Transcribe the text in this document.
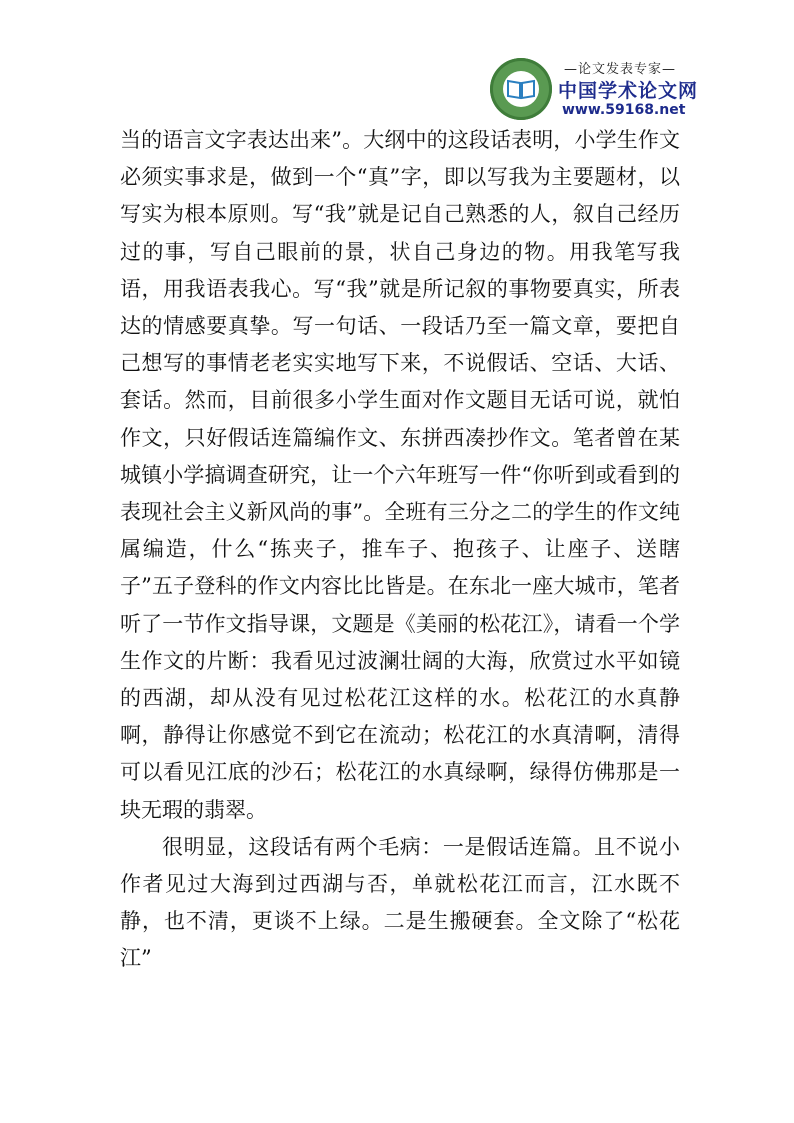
—论文发表专家—
中国学术论文网
www.59168.net

当的语言文字表达出来”。大纲中的这段话表明，小学生作文必须实事求是，做到一个“真”字，即以写我为主要题材，以写实为根本原则。写“我”就是记自己熟悉的人，叙自己经历过的事，写自己眼前的景，状自己身边的物。用我笔写我语，用我语表我心。写“我”就是所记叙的事物要真实，所表达的情感要真挚。写一句话、一段话乃至一篇文章，要把自己想写的事情老老实实地写下来，不说假话、空话、大话、套话。然而，目前很多小学生面对作文题目无话可说，就怕作文，只好假话连篇编作文、东拼西凑抄作文。笔者曾在某城镇小学搞调查研究，让一个六年班写一件“你听到或看到的表现社会主义新风尚的事”。全班有三分之二的学生的作文纯属编造，什么“拣夹子，推车子、抱孩子、让座子、送瞎子”五子登科的作文内容比比皆是。在东北一座大城市，笔者听了一节作文指导课，文题是《美丽的松花江》，请看一个学生作文的片断：我看见过波澜壮阔的大海，欣赏过水平如镜的西湖，却从没有见过松花江这样的水。松花江的水真静啊，静得让你感觉不到它在流动；松花江的水真清啊，清得可以看见江底的沙石；松花江的水真绿啊，绿得仿佛那是一块无瑕的翡翠。

很明显，这段话有两个毛病：一是假话连篇。且不说小作者见过大海到过西湖与否，单就松花江而言，江水既不静，也不清，更谈不上绿。二是生搬硬套。全文除了“松花江”
